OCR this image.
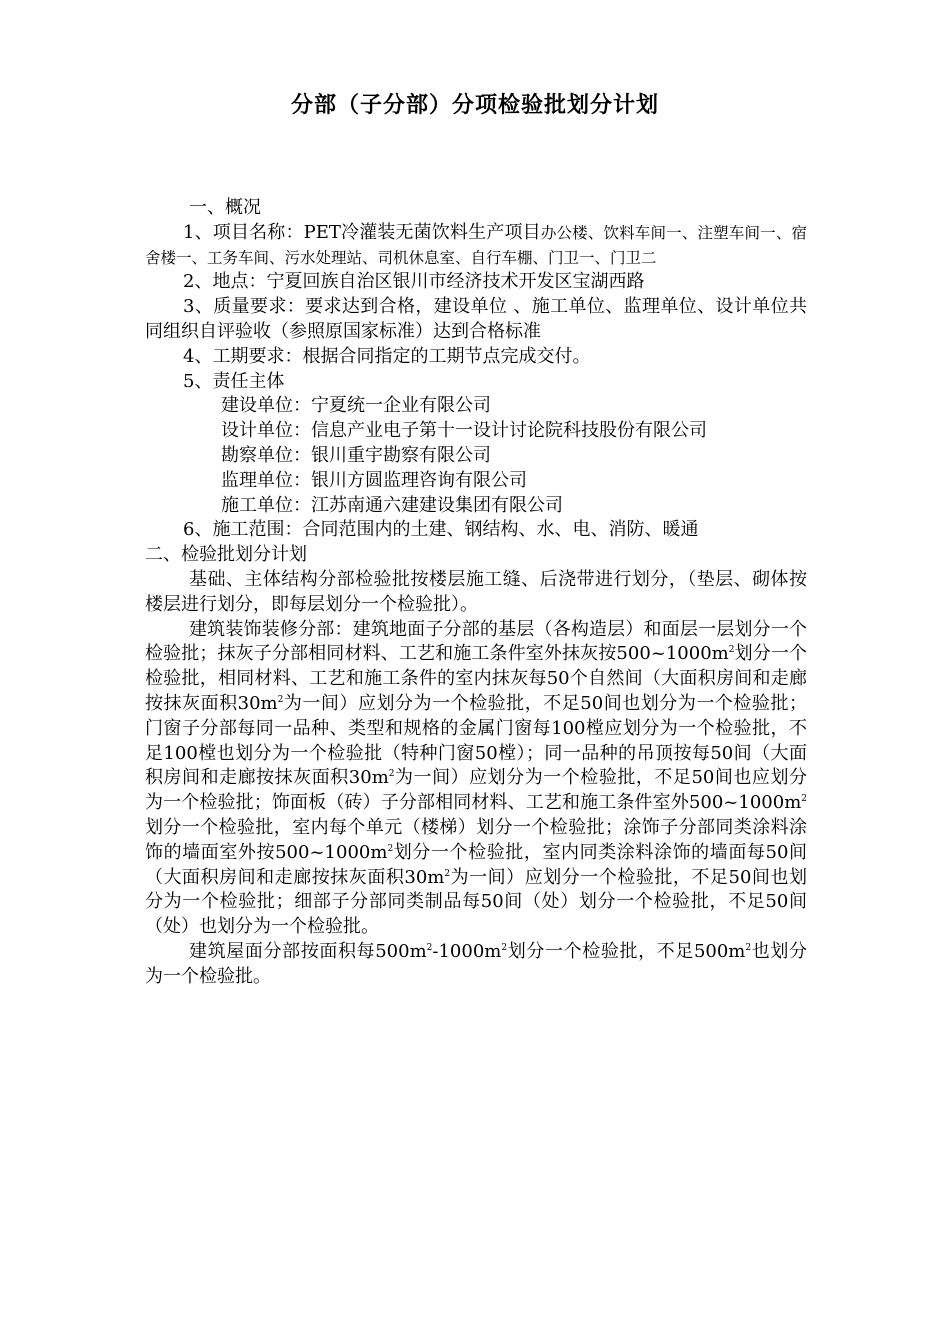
分部（子分部）分项检验批划分计划

一、概况

1、项目名称：PET冷灌装无菌饮料生产项目办公楼、饮料车间一、注塑车间一、宿舍楼一、工务车间、污水处理站、司机休息室、自行车棚、门卫一、门卫二

2、地点：宁夏回族自治区银川市经济技术开发区宝湖西路

3、质量要求：要求达到合格，建设单位 、施工单位、监理单位、设计单位共同组织自评验收（参照原国家标准）达到合格标准

4、工期要求：根据合同指定的工期节点完成交付。

5、责任主体

建设单位：宁夏统一企业有限公司

设计单位：信息产业电子第十一设计讨论院科技股份有限公司

勘察单位：银川重宇勘察有限公司

监理单位：银川方圆监理咨询有限公司

施工单位：江苏南通六建建设集团有限公司

6、施工范围：合同范围内的土建、钢结构、水、电、消防、暖通

二、检验批划分计划

基础、主体结构分部检验批按楼层施工缝、后浇带进行划分，（垫层、砌体按楼层进行划分，即每层划分一个检验批）。

建筑装饰装修分部：建筑地面子分部的基层（各构造层）和面层一层划分一个检验批；抹灰子分部相同材料、工艺和施工条件室外抹灰按$500\sim 1000m^2$划分一个检验批，相同材料、工艺和施工条件的室内抹灰每50个自然间（大面积房间和走廊按抹灰面积$30m^2$为一间）应划分为一个检验批，不足50间也划分为一个检验批；门窗子分部每同一品种、类型和规格的金属门窗每100樘应划分为一个检验批，不足100樘也划分为一个检验批（特种门窗50樘）；同一品种的吊顶按每50间（大面积房间和走廊按抹灰面积$30m^2$为一间）应划分为一个检验批，不足50间也应划分为一个检验批；饰面板（砖）子分部相同材料、工艺和施工条件室外$500\sim 1000m^2$划分一个检验批，室内每个单元（楼梯）划分一个检验批；涂饰子分部同类涂料涂饰的墙面室外按$500\sim 1000m^2$划分一个检验批，室内同类涂料涂饰的墙面每50间（大面积房间和走廊按抹灰面积$30m^2$为一间）应划分一个检验批，不足50间也划分为一个检验批；细部子分部同类制品每50间（处）划分一个检验批，不足50间（处）也划分为一个检验批。

建筑屋面分部按面积每$500m^2-1000m^2$划分一个检验批，不足$500m^2$也划分为一个检验批。
